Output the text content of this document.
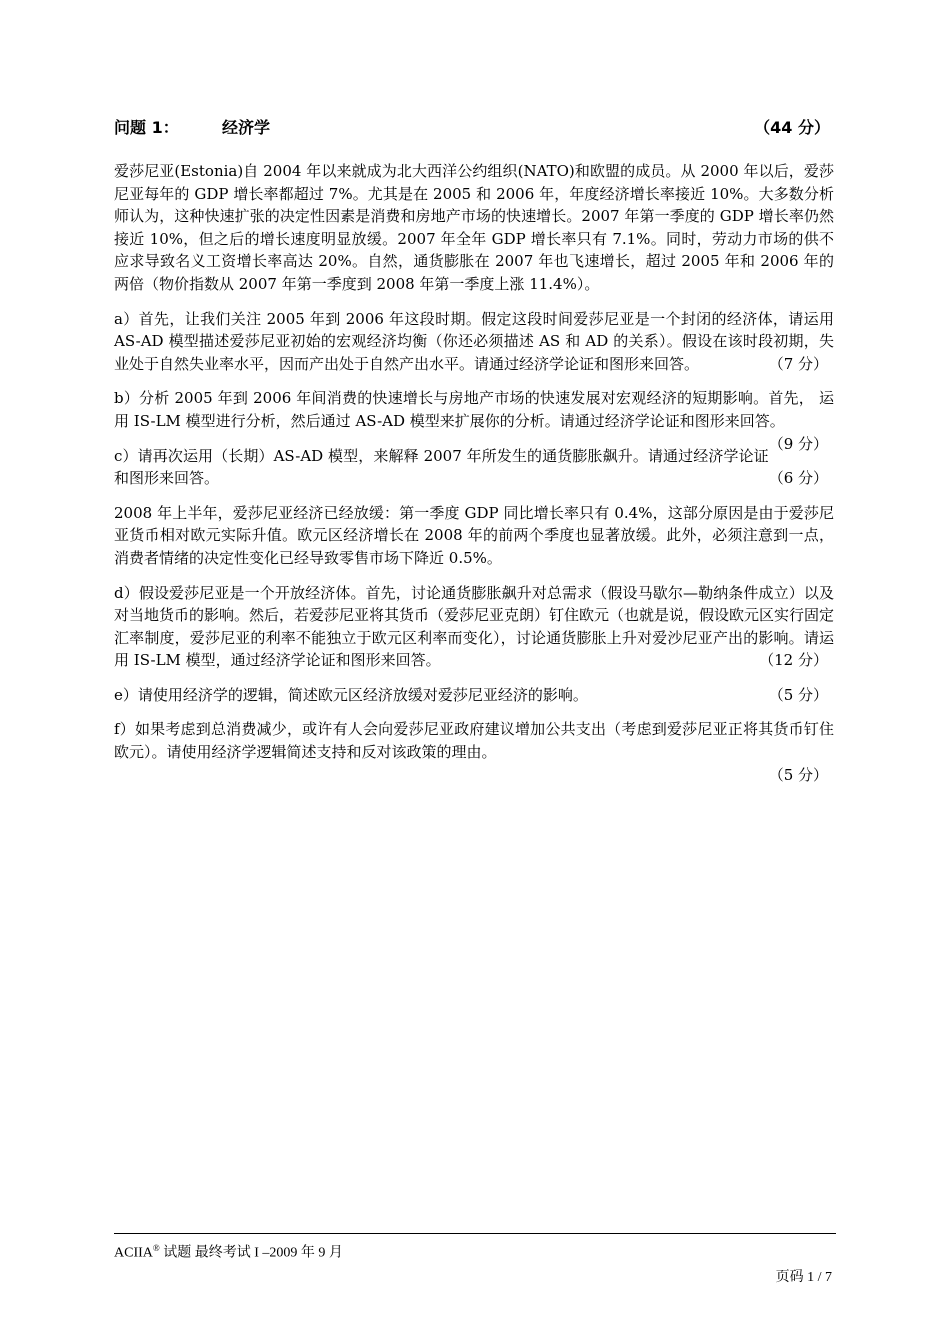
问题 1：	经济学	（44 分）

爱莎尼亚(Estonia)自 2004 年以来就成为北大西洋公约组织(NATO)和欧盟的成员。从 2000 年以后，爱莎尼亚每年的 GDP 增长率都超过 7%。尤其是在 2005 和 2006 年，年度经济增长率接近 10%。大多数分析师认为，这种快速扩张的决定性因素是消费和房地产市场的快速增长。2007 年第一季度的 GDP 增长率仍然接近 10%，但之后的增长速度明显放缓。2007 年全年 GDP 增长率只有 7.1%。同时，劳动力市场的供不应求导致名义工资增长率高达 20%。自然，通货膨胀在 2007 年也飞速增长，超过 2005 年和 2006 年的两倍（物价指数从 2007 年第一季度到 2008 年第一季度上涨 11.4%）。

a）首先，让我们关注 2005 年到 2006 年这段时期。假定这段时间爱莎尼亚是一个封闭的经济体，请运用 AS-AD 模型描述爱莎尼亚初始的宏观经济均衡（你还必须描述 AS 和 AD 的关系）。假设在该时段初期，失业处于自然失业率水平，因而产出处于自然产出水平。请通过经济学论证和图形来回答。	（7 分）

b）分析 2005 年到 2006 年间消费的快速增长与房地产市场的快速发展对宏观经济的短期影响。首先， 运用 IS-LM 模型进行分析，然后通过 AS-AD 模型来扩展你的分析。请通过经济学论证和图形来回答。
（9 分）

c）请再次运用（长期）AS-AD 模型，来解释 2007 年所发生的通货膨胀飙升。请通过经济学论证和图形来回答。	（6 分）

2008 年上半年，爱莎尼亚经济已经放缓：第一季度 GDP 同比增长率只有 0.4%，这部分原因是由于爱莎尼亚货币相对欧元实际升值。欧元区经济增长在 2008 年的前两个季度也显著放缓。此外，必须注意到一点，消费者情绪的决定性变化已经导致零售市场下降近 0.5%。

d）假设爱莎尼亚是一个开放经济体。首先，讨论通货膨胀飙升对总需求（假设马歇尔—勒纳条件成立）以及对当地货币的影响。然后，若爱莎尼亚将其货币（爱莎尼亚克朗）钉住欧元（也就是说，假设欧元区实行固定汇率制度，爱莎尼亚的利率不能独立于欧元区利率而变化），讨论通货膨胀上升对爱沙尼亚产出的影响。请运用 IS-LM 模型，通过经济学论证和图形来回答。	（12 分）

e）请使用经济学的逻辑，简述欧元区经济放缓对爱莎尼亚经济的影响。	（5 分）

f）如果考虑到总消费减少，或许有人会向爱莎尼亚政府建议增加公共支出（考虑到爱莎尼亚正将其货币钉住欧元）。请使用经济学逻辑简述支持和反对该政策的理由。
（5 分）

ACIIA® 试题 最终考试 I –2009 年 9 月
页码 1 / 7
